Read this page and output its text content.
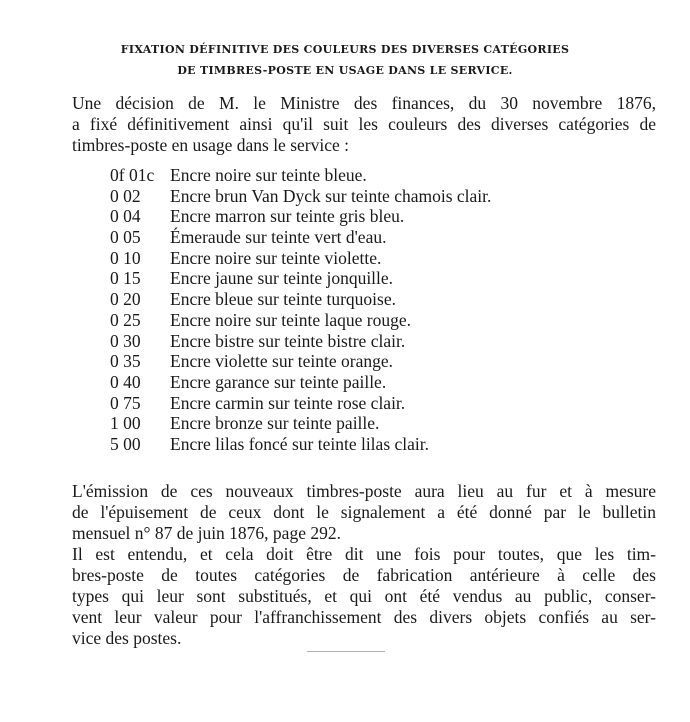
FIXATION DÉFINITIVE DES COULEURS DES DIVERSES CATÉGORIES
DE TIMBRES-POSTE EN USAGE DANS LE SERVICE.
Une décision de M. le Ministre des finances, du 30 novembre 1876,
a fixé définitivement ainsi qu'il suit les couleurs des diverses catégories de
timbres-poste en usage dans le service :
0f 01c Encre noire sur teinte bleue.
0 02 Encre brun Van Dyck sur teinte chamois clair.
0 04 Encre marron sur teinte gris bleu.
0 05 Émeraude sur teinte vert d'eau.
0 10 Encre noire sur teinte violette.
0 15 Encre jaune sur teinte jonquille.
0 20 Encre bleue sur teinte turquoise.
0 25 Encre noire sur teinte laque rouge.
0 30 Encre bistre sur teinte bistre clair.
0 35 Encre violette sur teinte orange.
0 40 Encre garance sur teinte paille.
0 75 Encre carmin sur teinte rose clair.
1 00 Encre bronze sur teinte paille.
5 00 Encre lilas foncé sur teinte lilas clair.
L'émission de ces nouveaux timbres-poste aura lieu au fur et à mesure
de l'épuisement de ceux dont le signalement a été donné par le bulletin
mensuel n° 87 de juin 1876, page 292.
Il est entendu, et cela doit être dit une fois pour toutes, que les tim-
bres-poste de toutes catégories de fabrication antérieure à celle des
types qui leur sont substitués, et qui ont été vendus au public, conser-
vent leur valeur pour l'affranchissement des divers objets confiés au ser-
vice des postes.
